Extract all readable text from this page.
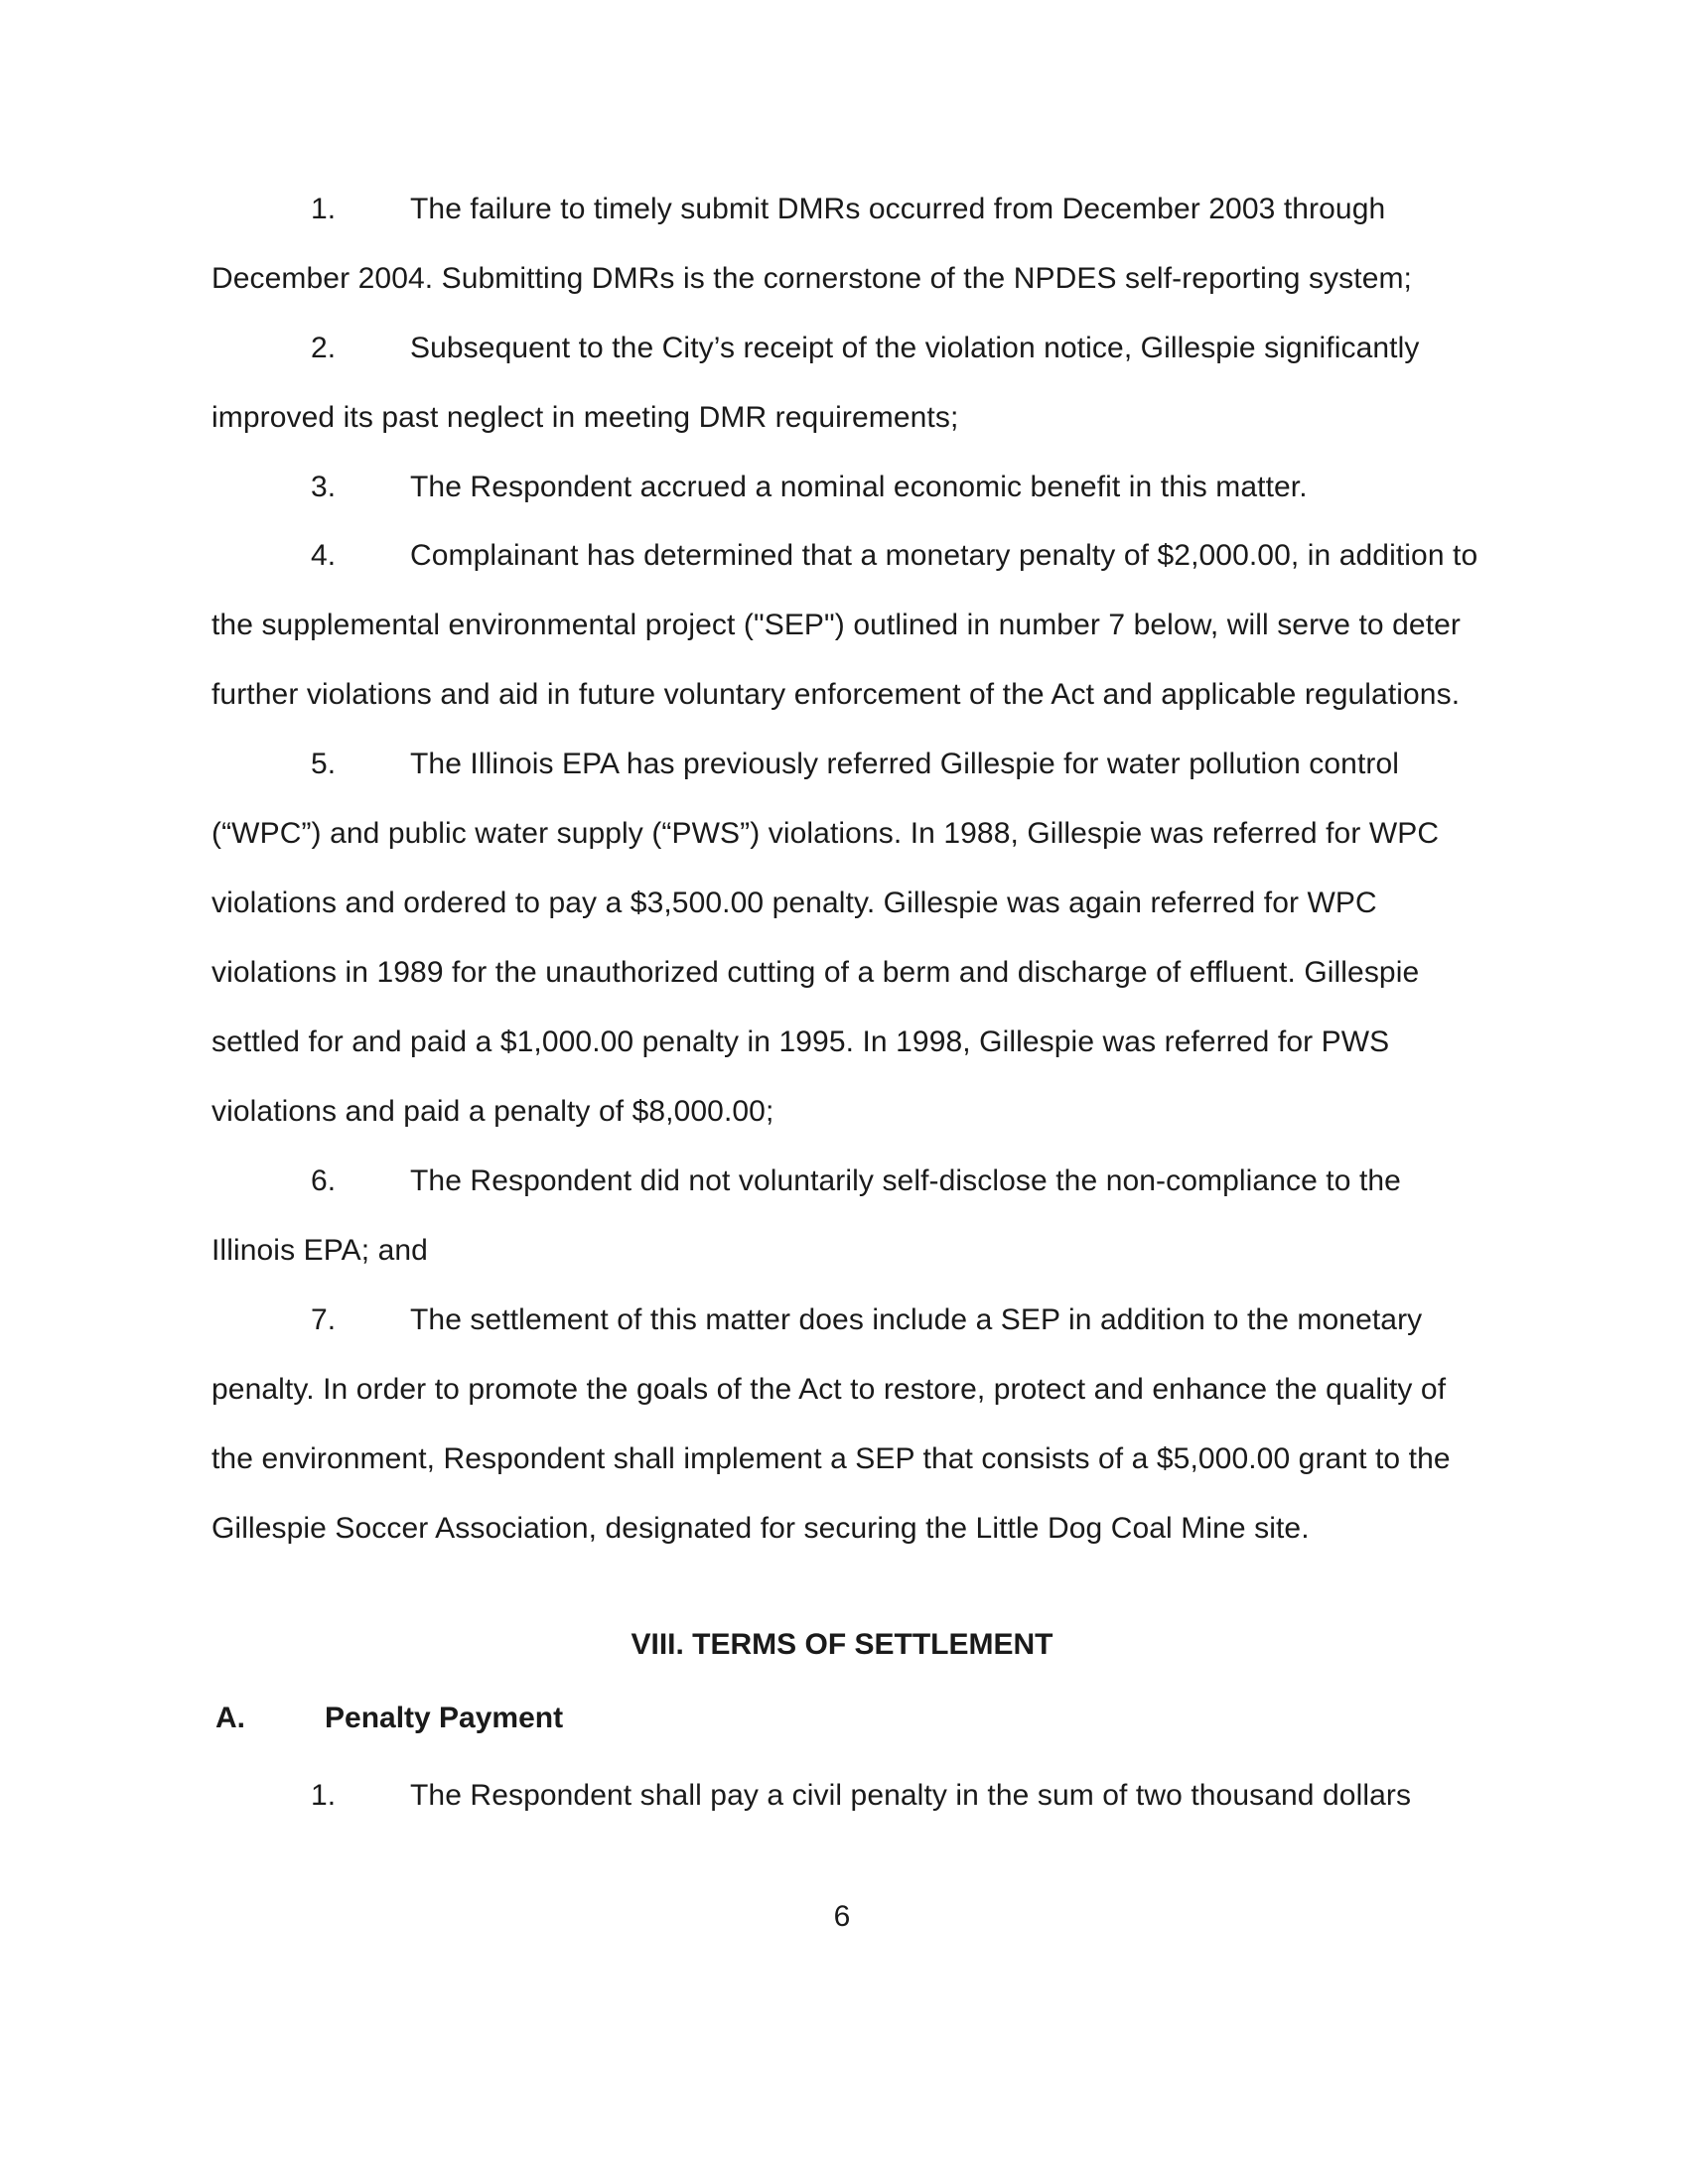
1. The failure to timely submit DMRs occurred from December 2003 through December 2004. Submitting DMRs is the cornerstone of the NPDES self-reporting system;
2. Subsequent to the City’s receipt of the violation notice, Gillespie significantly improved its past neglect in meeting DMR requirements;
3. The Respondent accrued a nominal economic benefit in this matter.
4. Complainant has determined that a monetary penalty of $2,000.00, in addition to the supplemental environmental project ("SEP") outlined in number 7 below, will serve to deter further violations and aid in future voluntary enforcement of the Act and applicable regulations.
5. The Illinois EPA has previously referred Gillespie for water pollution control (“WPC”) and public water supply (“PWS”) violations. In 1988, Gillespie was referred for WPC violations and ordered to pay a $3,500.00 penalty. Gillespie was again referred for WPC violations in 1989 for the unauthorized cutting of a berm and discharge of effluent. Gillespie settled for and paid a $1,000.00 penalty in 1995. In 1998, Gillespie was referred for PWS violations and paid a penalty of $8,000.00;
6. The Respondent did not voluntarily self-disclose the non-compliance to the Illinois EPA; and
7. The settlement of this matter does include a SEP in addition to the monetary penalty. In order to promote the goals of the Act to restore, protect and enhance the quality of the environment, Respondent shall implement a SEP that consists of a $5,000.00 grant to the Gillespie Soccer Association, designated for securing the Little Dog Coal Mine site.
VIII. TERMS OF SETTLEMENT
A.	Penalty Payment
1. The Respondent shall pay a civil penalty in the sum of two thousand dollars
6
